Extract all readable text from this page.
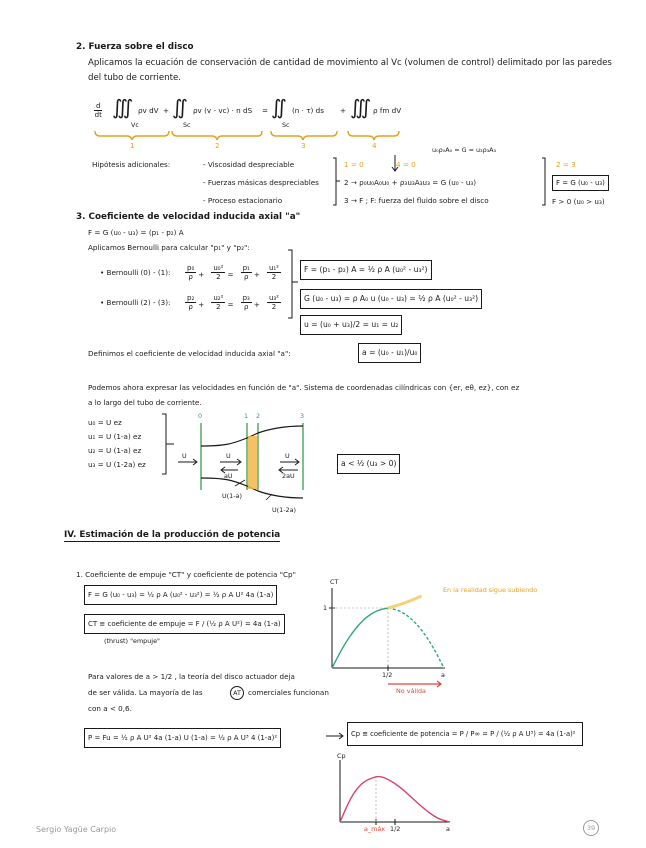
2. Fuerza sobre el disco
Aplicamos la ecuación de conservación de cantidad de movimiento al Vc (volumen de control) delimitado por las paredes
del tubo de corriente.
$\frac{d}{dt}$ ∭
Vc
ρv dV + ∬
Sc
ρv (v - vc) · n dS = ∬
Sc
(n · τ) ds + ∭ ρ fm dV
1	2	3	4
Hipótesis adicionales:	- Viscosidad despreciable
- Fuerzas másicas despreciables
- Proceso estacionario
u₀ρ₀A₀ = G = u₃ρ₃A₃
1 = 0	4 = 0
2 → ρ₀u₀A₀u₀ + ρ₃u₃A₃u₃ = G (u₀ - u₃)
3 → F ; F: fuerza del fluido sobre el disco
2 = 3
F = G (u₀ - u₃)
F > 0 (u₀ > u₃)
3. Coeficiente de velocidad inducida axial "a"
F = G (u₀ - u₃) = (p₁ - p₂) A
Aplicamos Bernoulli para calcular "p₁" y "p₂":
• Bernoulli (0) - (1): $\frac{\text{p₀}}{\rho} + \frac{\text{u₀²}}{2} = \frac{\text{p₁}}{\rho} + \frac{\text{u₁²}}{2}$
• Bernoulli (2) - (3): $\frac{\text{p₂}}{\rho} + \frac{\text{u₂²}}{2} = \frac{\text{p₃}}{\rho} + \frac{\text{u₃²}}{2}$
F = (p₁ - p₂) A = ½ ρ A (u₀² - u₃²)
G (u₀ - u₃) = ρ A₀ u (u₀ - u₃) = ½ ρ A (u₀² - u₃²)
u = (u₀ + u₃)/2 = u₁ = u₂
Definimos el coeficiente de velocidad inducida axial "a":	a = (u₀ - u₁)/u₀
Podemos ahora expresar las velocidades en función de "a". Sistema de coordenadas cilíndricas con {er, eθ, ez}, con ez
a lo largo del tubo de corriente.
u₀ = U ez
u₁ = U (1-a) ez
u₂ = U (1-a) ez
u₃ = U (1-2a) ez
0	1 2	3
U	U
aU
U
2aU
U(1-a)
U(1-2a)
a < ½ (u₃ > 0)
IV. Estimación de la producción de potencia
1. Coeficiente de empuje "CT" y coeficiente de potencia "Cp"
F = G (u₀ - u₃) = ½ ρ A (u₀² - u₃²) = ½ ρ A U² 4a (1-a)
CT ≡ coeficiente de empuje = F / (½ ρ A U²) = 4a (1-a)
(thrust) "empuje"
CT
1
1/2	a
En la realidad sigue subiendo
No válida
Para valores de a > 1/2 , la teoría del disco actuador deja
de ser válida. La mayoría de las	AT comerciales funcionan
con a < 0,6.
P = Fu = ½ ρ A U² 4a (1-a) U (1-a) = ½ ρ A U³ 4 (1-a)²	Cp ≡ coeficiente de potencia = P / P∞ = P / (½ ρ A U³) = 4a (1-a)²
Cp
a_máx 1/2	a
Sergio Yagüe Carpio	39
